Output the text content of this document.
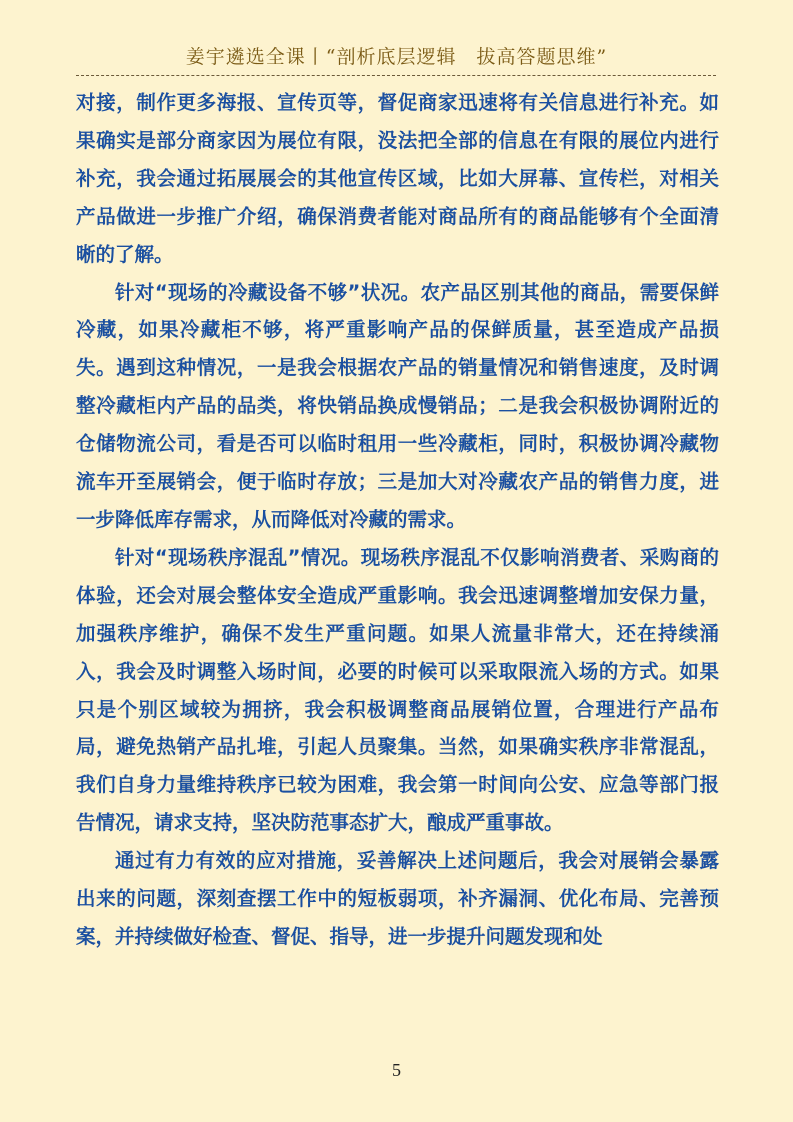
姜宇遴选全课丨“剖析底层逻辑　拔高答题思维”

对接，制作更多海报、宣传页等，督促商家迅速将有关信息进行补充。如果确实是部分商家因为展位有限，没法把全部的信息在有限的展位内进行补充，我会通过拓展展会的其他宣传区域，比如大屏幕、宣传栏，对相关产品做进一步推广介绍，确保消费者能对商品所有的商品能够有个全面清晰的了解。

针对“现场的冷藏设备不够”状况。农产品区别其他的商品，需要保鲜冷藏，如果冷藏柜不够，将严重影响产品的保鲜质量，甚至造成产品损失。遇到这种情况，一是我会根据农产品的销量情况和销售速度，及时调整冷藏柜内产品的品类，将快销品换成慢销品；二是我会积极协调附近的仓储物流公司，看是否可以临时租用一些冷藏柜，同时，积极协调冷藏物流车开至展销会，便于临时存放；三是加大对冷藏农产品的销售力度，进一步降低库存需求，从而降低对冷藏的需求。

针对“现场秩序混乱”情况。现场秩序混乱不仅影响消费者、采购商的体验，还会对展会整体安全造成严重影响。我会迅速调整增加安保力量，加强秩序维护，确保不发生严重问题。如果人流量非常大，还在持续涌入，我会及时调整入场时间，必要的时候可以采取限流入场的方式。如果只是个别区域较为拥挤，我会积极调整商品展销位置，合理进行产品布局，避免热销产品扎堆，引起人员聚集。当然，如果确实秩序非常混乱，我们自身力量维持秩序已较为困难，我会第一时间向公安、应急等部门报告情况，请求支持，坚决防范事态扩大，酿成严重事故。

通过有力有效的应对措施，妥善解决上述问题后，我会对展销会暴露出来的问题，深刻查摆工作中的短板弱项，补齐漏洞、优化布局、完善预案，并持续做好检查、督促、指导，进一步提升问题发现和处

5
